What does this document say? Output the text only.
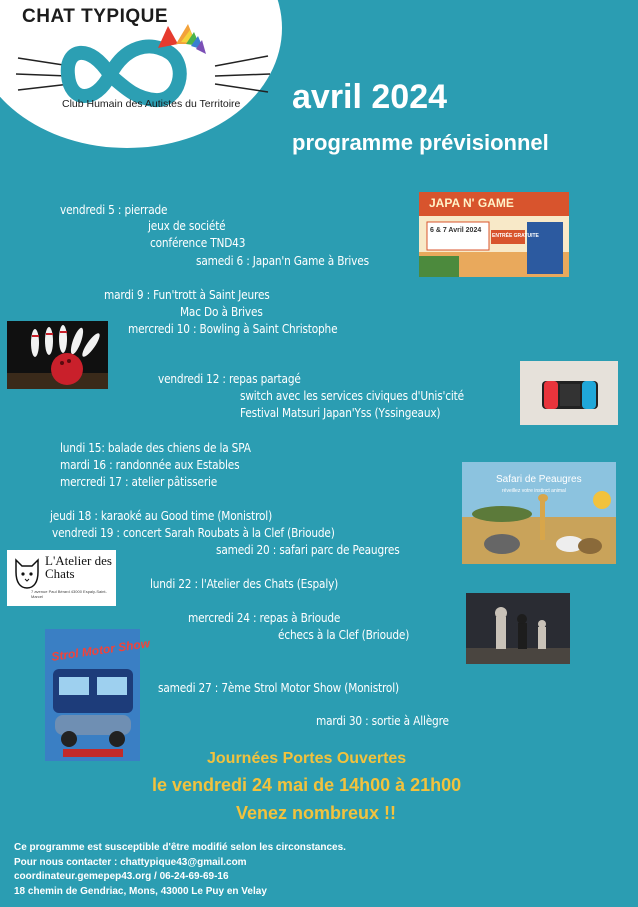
CHAT TYPIQUE
Club Humain des Autistes du Territoire avril 2024
programme prévisionnel
vendredi 5 : pierrade
jeux de société
conférence TND43
samedi 6 : Japan'n Game à Brives
mardi 9 : Fun'trott à Saint Jeures
Mac Do à Brives
mercredi 10 : Bowling à Saint Christophe
vendredi 12 : repas partagé
switch avec les services civiques d'Unis'cité
Festival Matsuri Japan'Yss (Yssingeaux)
lundi 15: balade des chiens de la SPA
mardi 16 : randonnée aux Estables
mercredi 17 : atelier pâtisserie
jeudi 18 : karaoké au Good time (Monistrol)
vendredi 19 : concert Sarah Roubats à la Clef (Brioude)
samedi 20 : safari parc de Peaugres
lundi 22 : l'Atelier des Chats (Espaly)
mercredi 24 : repas à Brioude
échecs à la Clef (Brioude)
samedi 27 : 7ème Strol Motor Show (Monistrol)
mardi 30 : sortie à Allègre
JAPA N' GAME
6 & 7 Avril 2024
ENTRÉE GRATUITE
Safari de Peaugres
réveillez votre instinct animal
L'Atelier des Chats
7 avenue Paul Bérard 43000 Espaly-Saint-Marcel
Strol Motor Show
Journées Portes Ouvertes
le vendredi 24 mai de 14h00 à 21h00
Venez nombreux !!
Ce programme est susceptible d'être modifié selon les circonstances.
Pour nous contacter : chattypique43@gmail.com
coordinateur.gemepep43.org / 06-24-69-69-16
18 chemin de Gendriac, Mons, 43000 Le Puy en Velay
